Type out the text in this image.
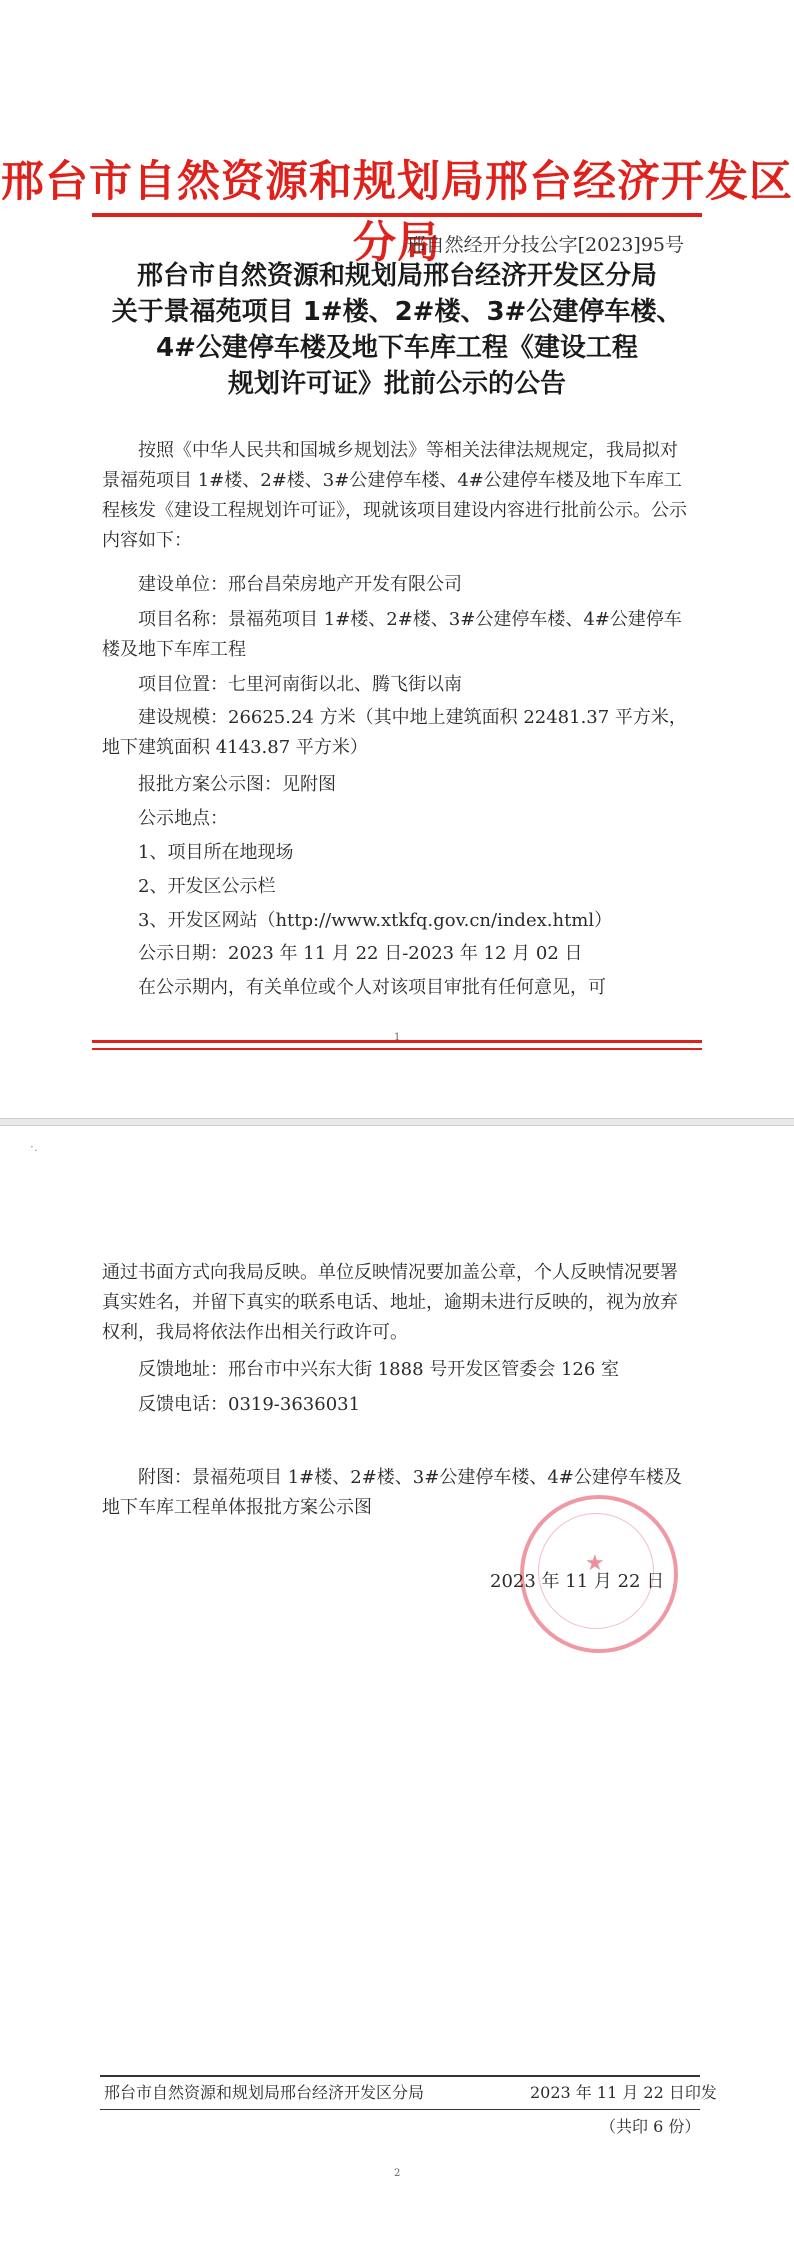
邢台市自然资源和规划局邢台经济开发区分局
邢自然经开分技公字[2023]95号
邢台市自然资源和规划局邢台经济开发区分局
关于景福苑项目 1#楼、2#楼、3#公建停车楼、
4#公建停车楼及地下车库工程《建设工程
规划许可证》批前公示的公告
按照《中华人民共和国城乡规划法》等相关法律法规规定，我局拟对景福苑项目 1#楼、2#楼、3#公建停车楼、4#公建停车楼及地下车库工程核发《建设工程规划许可证》，现就该项目建设内容进行批前公示。公示内容如下：
建设单位：邢台昌荣房地产开发有限公司
项目名称：景福苑项目 1#楼、2#楼、3#公建停车楼、4#公建停车楼及地下车库工程
项目位置：七里河南街以北、腾飞街以南
建设规模：26625.24 方米（其中地上建筑面积 22481.37 平方米，地下建筑面积 4143.87 平方米）
报批方案公示图：见附图
公示地点：
1、项目所在地现场
2、开发区公示栏
3、开发区网站（http://www.xtkfq.gov.cn/index.html）
公示日期：2023 年 11 月 22 日-2023 年 12 月 02 日
在公示期内，有关单位或个人对该项目审批有任何意见，可
1
·.
通过书面方式向我局反映。单位反映情况要加盖公章，个人反映情况要署真实姓名，并留下真实的联系电话、地址，逾期未进行反映的，视为放弃权利，我局将依法作出相关行政许可。
反馈地址：邢台市中兴东大街 1888 号开发区管委会 126 室
反馈电话：0319-3636031
附图：景福苑项目 1#楼、2#楼、3#公建停车楼、4#公建停车楼及地下车库工程单体报批方案公示图
★
2023 年 11 月 22 日
邢台市自然资源和规划局邢台经济开发区分局	2023 年 11 月 22 日印发
（共印 6 份）
2
